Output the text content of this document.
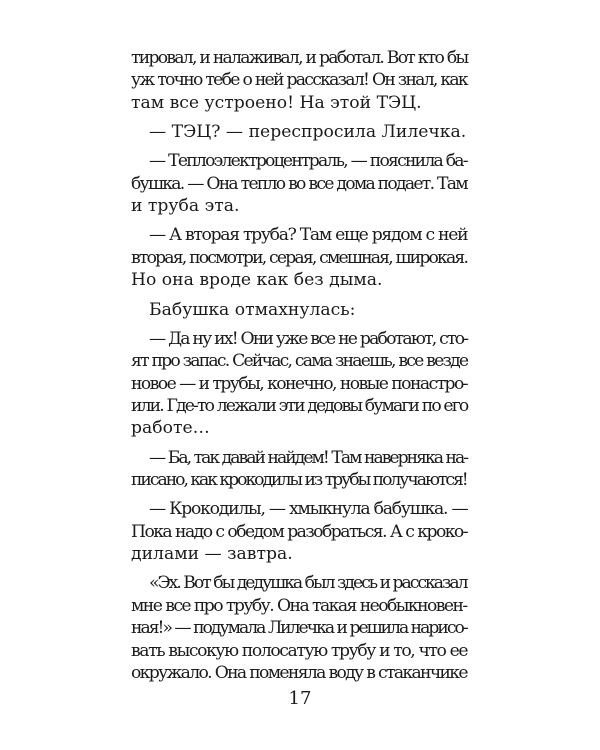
тировал, и налаживал, и работал. Вот кто бы
уж точно тебе о ней рассказал! Он знал, как
там все устроено! На этой ТЭЦ.
— ТЭЦ? — переспросила Лилечка.
— Теплоэлектроцентраль, — пояснила ба-
бушка. — Она тепло во все дома подает. Там
и труба эта.
— А вторая труба? Там еще рядом с ней
вторая, посмотри, серая, смешная, широкая.
Но она вроде как без дыма.
Бабушка отмахнулась:
— Да ну их! Они уже все не работают, сто-
ят про запас. Сейчас, сама знаешь, все везде
новое — и трубы, конечно, новые понастро-
или. Где-то лежали эти дедовы бумаги по его
работе…
— Ба, так давай найдем! Там наверняка на-
писано, как крокодилы из трубы получаются!
— Крокодилы, — хмыкнула бабушка. —
Пока надо с обедом разобраться. А с кроко-
дилами — завтра.
«Эх. Вот бы дедушка был здесь и рассказал
мне все про трубу. Она такая необыкновен-
ная!» — подумала Лилечка и решила нарисо-
вать высокую полосатую трубу и то, что ее
окружало. Она поменяла воду в стаканчике
17
